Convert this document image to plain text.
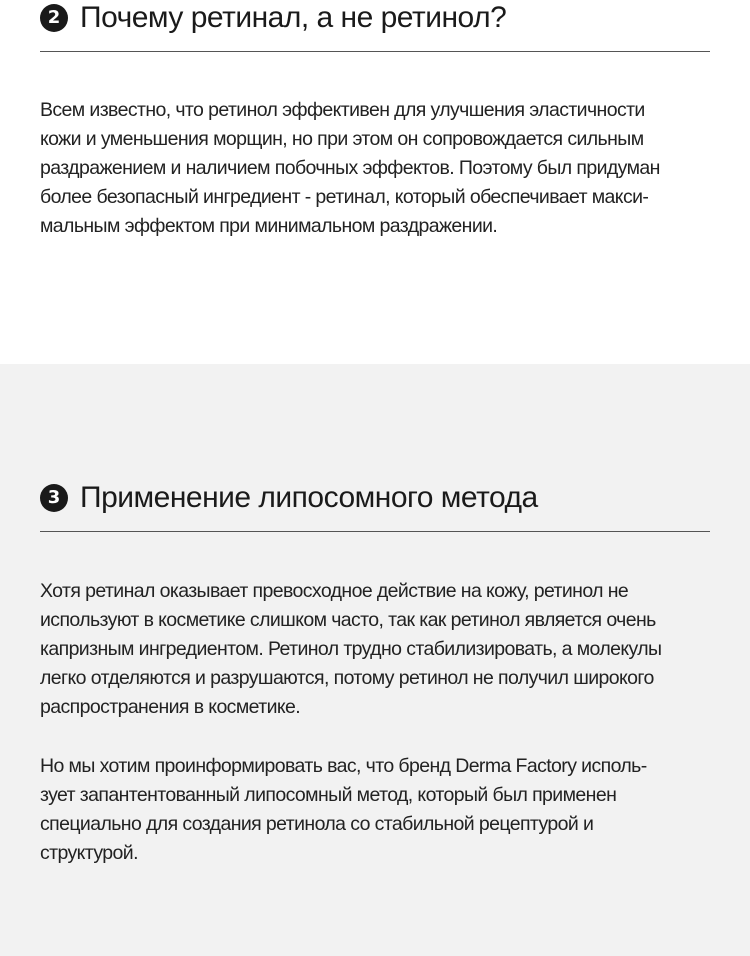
2 Почему ретинал, а не ретинол?

Всем известно, что ретинол эффективен для улучшения эластичности
кожи и уменьшения морщин, но при этом он сопровождается сильным
раздражением и наличием побочных эффектов. Поэтому был придуман
более безопасный ингредиент - ретинал, который обеспечивает макси-
мальным эффектом при минимальном раздражении.

3 Применение липосомного метода

Хотя ретинал оказывает превосходное действие на кожу, ретинол не
используют в косметике слишком часто, так как ретинол является очень
капризным ингредиентом. Ретинол трудно стабилизировать, а молекулы
легко отделяются и разрушаются, потому ретинол не получил широкого
распространения в косметике.

Но мы хотим проинформировать вас, что бренд Derma Factory исполь-
зует запантентованный липосомный метод, который был применен
специально для создания ретинола со стабильной рецептурой и
структурой.
